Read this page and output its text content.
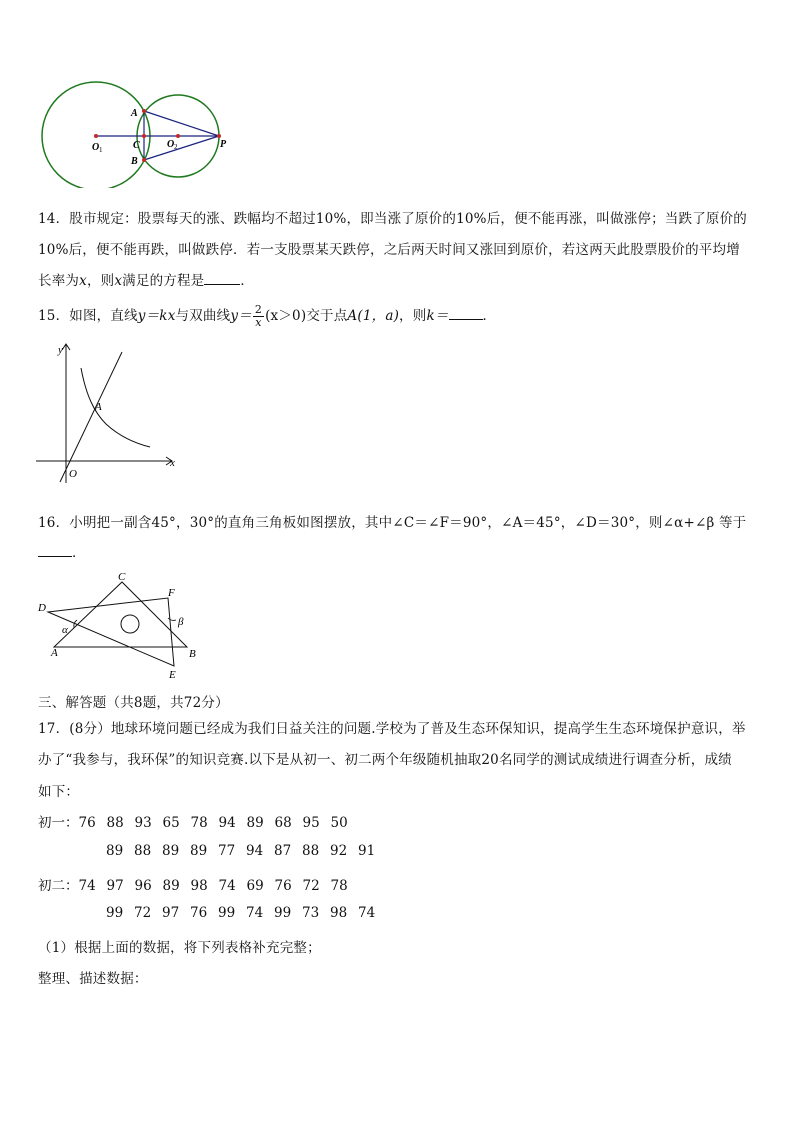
A
B
C
O 1	O 2	P
14．股市规定：股票每天的涨、跌幅均不超过10%，即当涨了原价的10%后，便不能再涨，叫做涨停；当跌了原价的
10%后，便不能再跌，叫做跌停．若一支股票某天跌停，之后两天时间又涨回到原价，若这两天此股票股价的平均增
长率为x，则x满足的方程是	．
15．如图，直线y＝kx与双曲线$y= \frac{2}{x} (x>0)$交于点A(1，a)，则k＝	．
y
x
O
A
16．小明把一副含45°，30°的直角三角板如图摆放，其中∠C＝∠F＝90°，∠A＝45°，∠D＝30°，则∠α+∠β 等于
．
C
F
D
A	B
E
α
β
三、解答题（共8题，共72分）
17．(8分）地球环境问题已经成为我们日益关注的问题.学校为了普及生态环保知识，提高学生生态环境保护意识，举
办了“我参与，我环保”的知识竞赛.以下是从初一、初二两个年级随机抽取20名同学的测试成绩进行调查分析，成绩
如下：
初一：76 88 93 65 78 94 89 68 95 50
89 88 89 89 77 94 87 88 92 91
初二：74 97 96 89 98 74 69 76 72 78
99 72 97 76 99 74 99 73 98 74
（1）根据上面的数据，将下列表格补充完整；
整理、描述数据：
